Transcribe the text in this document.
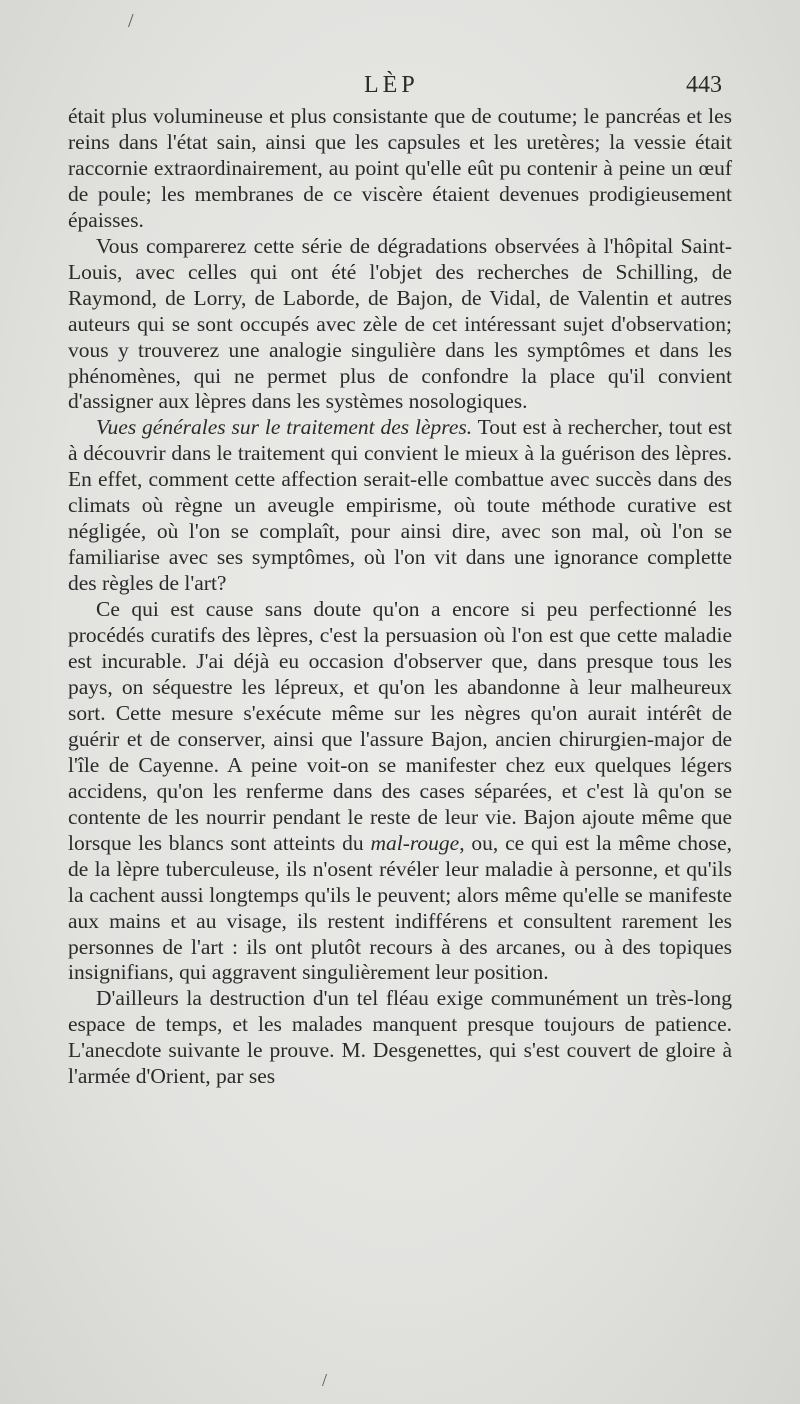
/
LÈP	443

était plus volumineuse et plus consistante que de coutume; le pancréas et les reins dans l'état sain, ainsi que les capsules et les uretères; la vessie était raccornie extraordinairement, au point qu'elle eût pu contenir à peine un œuf de poule; les membranes de ce viscère étaient devenues prodigieusement épaisses.

Vous comparerez cette série de dégradations observées à l'hôpital Saint-Louis, avec celles qui ont été l'objet des recherches de Schilling, de Raymond, de Lorry, de Laborde, de Bajon, de Vidal, de Valentin et autres auteurs qui se sont occupés avec zèle de cet intéressant sujet d'observation; vous y trouverez une analogie singulière dans les symptômes et dans les phénomènes, qui ne permet plus de confondre la place qu'il convient d'assigner aux lèpres dans les systèmes nosologiques.

Vues générales sur le traitement des lèpres. Tout est à rechercher, tout est à découvrir dans le traitement qui convient le mieux à la guérison des lèpres. En effet, comment cette affection serait-elle combattue avec succès dans des climats où règne un aveugle empirisme, où toute méthode curative est négligée, où l'on se complaît, pour ainsi dire, avec son mal, où l'on se familiarise avec ses symptômes, où l'on vit dans une ignorance complette des règles de l'art?

Ce qui est cause sans doute qu'on a encore si peu perfectionné les procédés curatifs des lèpres, c'est la persuasion où l'on est que cette maladie est incurable. J'ai déjà eu occasion d'observer que, dans presque tous les pays, on séquestre les lépreux, et qu'on les abandonne à leur malheureux sort. Cette mesure s'exécute même sur les nègres qu'on aurait intérêt de guérir et de conserver, ainsi que l'assure Bajon, ancien chirurgien-major de l'île de Cayenne. A peine voit-on se manifester chez eux quelques légers accidens, qu'on les renferme dans des cases séparées, et c'est là qu'on se contente de les nourrir pendant le reste de leur vie. Bajon ajoute même que lorsque les blancs sont atteints du mal-rouge, ou, ce qui est la même chose, de la lèpre tuberculeuse, ils n'osent révéler leur maladie à personne, et qu'ils la cachent aussi longtemps qu'ils le peuvent; alors même qu'elle se manifeste aux mains et au visage, ils restent indifférens et consultent rarement les personnes de l'art : ils ont plutôt recours à des arcanes, ou à des topiques insignifians, qui aggravent singulièrement leur position.

D'ailleurs la destruction d'un tel fléau exige communément un très-long espace de temps, et les malades manquent presque toujours de patience. L'anecdote suivante le prouve. M. Desgenettes, qui s'est couvert de gloire à l'armée d'Orient, par ses

/
